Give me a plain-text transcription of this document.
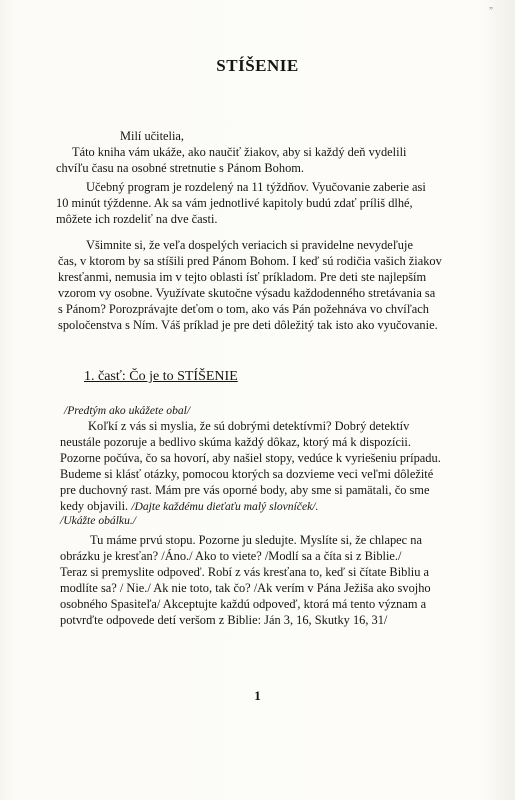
„
STÍŠENIE
Milí učitelia,
Táto kniha vám ukáže, ako naučiť žiakov, aby si každý deň vydelili
chvíľu času na osobné stretnutie s Pánom Bohom.
Učebný program je rozdelený na 11 týždňov. Vyučovanie zaberie asi
10 minút týždenne. Ak sa vám jednotlivé kapitoly budú zdať príliš dlhé,
môžete ich rozdeliť na dve časti.
Všimnite si, že veľa dospelých veriacich si pravidelne nevydeľuje
čas, v ktorom by sa stíšili pred Pánom Bohom. I keď sú rodičia vašich žiakov
kresťanmi, nemusia im v tejto oblasti ísť príkladom. Pre deti ste najlepším
vzorom vy osobne. Využívate skutočne výsadu každodenného stretávania sa
s Pánom? Porozprávajte deťom o tom, ako vás Pán požehnáva vo chvíľach
spoločenstva s Ním. Váš príklad je pre deti dôležitý tak isto ako vyučovanie.
1. časť: Čo je to STÍŠENIE
/Predtým ako ukážete obal/
Koľkí z vás si myslia, že sú dobrými detektívmi? Dobrý detektív
neustále pozoruje a bedlivo skúma každý dôkaz, ktorý má k dispozícii.
Pozorne počúva, čo sa hovorí, aby našiel stopy, vedúce k vyriešeniu prípadu.
Budeme si klásť otázky, pomocou ktorých sa dozvieme veci veľmi dôležité
pre duchovný rast. Mám pre vás oporné body, aby sme si pamätali, čo sme
kedy objavili. /Dajte každému dieťaťu malý slovníček/.
/Ukážte obálku./
Tu máme prvú stopu. Pozorne ju sledujte. Myslíte si, že chlapec na
obrázku je kresťan? /Áno./ Ako to viete? /Modlí sa a číta si z Biblie./
Teraz si premyslite odpoveď. Robí z vás kresťana to, keď si čítate Bibliu a
modlíte sa? / Nie./ Ak nie toto, tak čo? /Ak verím v Pána Ježiša ako svojho
osobného Spasiteľa/ Akceptujte každú odpoveď, ktorá má tento význam a
potvrďte odpovede detí veršom z Biblie: Ján 3, 16, Skutky 16, 31/
1
